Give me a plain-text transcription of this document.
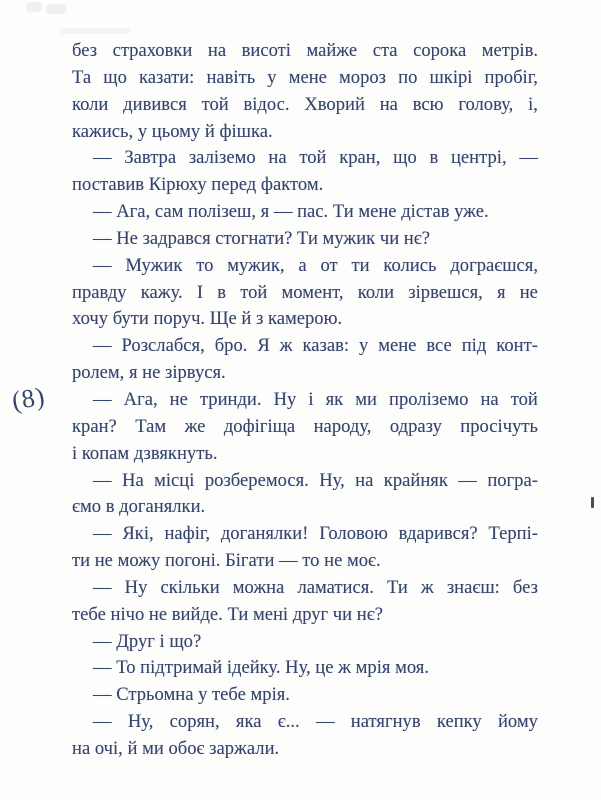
(8)
без страховки на висоті майже ста сорока метрів.
Та що казати: навіть у мене мороз по шкірі пробіг,
коли дивився той відос. Хворий на всю голову, і,
кажись, у цьому й фішка.
— Завтра заліземо на той кран, що в центрі, —
поставив Кірюху перед фактом.
— Ага, сам полізеш, я — пас. Ти мене дістав уже.
— Не задрався стогнати? Ти мужик чи нє?
— Мужик то мужик, а от ти колись дограєшся,
правду кажу. І в той момент, коли зірвешся, я не
хочу бути поруч. Ще й з камерою.
— Розслабся, бро. Я ж казав: у мене все під конт-
ролем, я не зірвуся.
— Ага, не тринди. Ну і як ми проліземо на той
кран? Там же дофігіща народу, одразу просічуть
і копам дзвякнуть.
— На місці розберемося. Ну, на крайняк — погра-
ємо в доганялки.
— Які, нафіг, доганялки! Головою вдарився? Терпі-
ти не можу погоні. Бігати — то не моє.
— Ну скільки можна ламатися. Ти ж знаєш: без
тебе нічо не вийде. Ти мені друг чи нє?
— Друг і що?
— То підтримай ідейку. Ну, це ж мрія моя.
— Стрьомна у тебе мрія.
— Ну, сорян, яка є... — натягнув кепку йому
на очі, й ми обоє заржали.
